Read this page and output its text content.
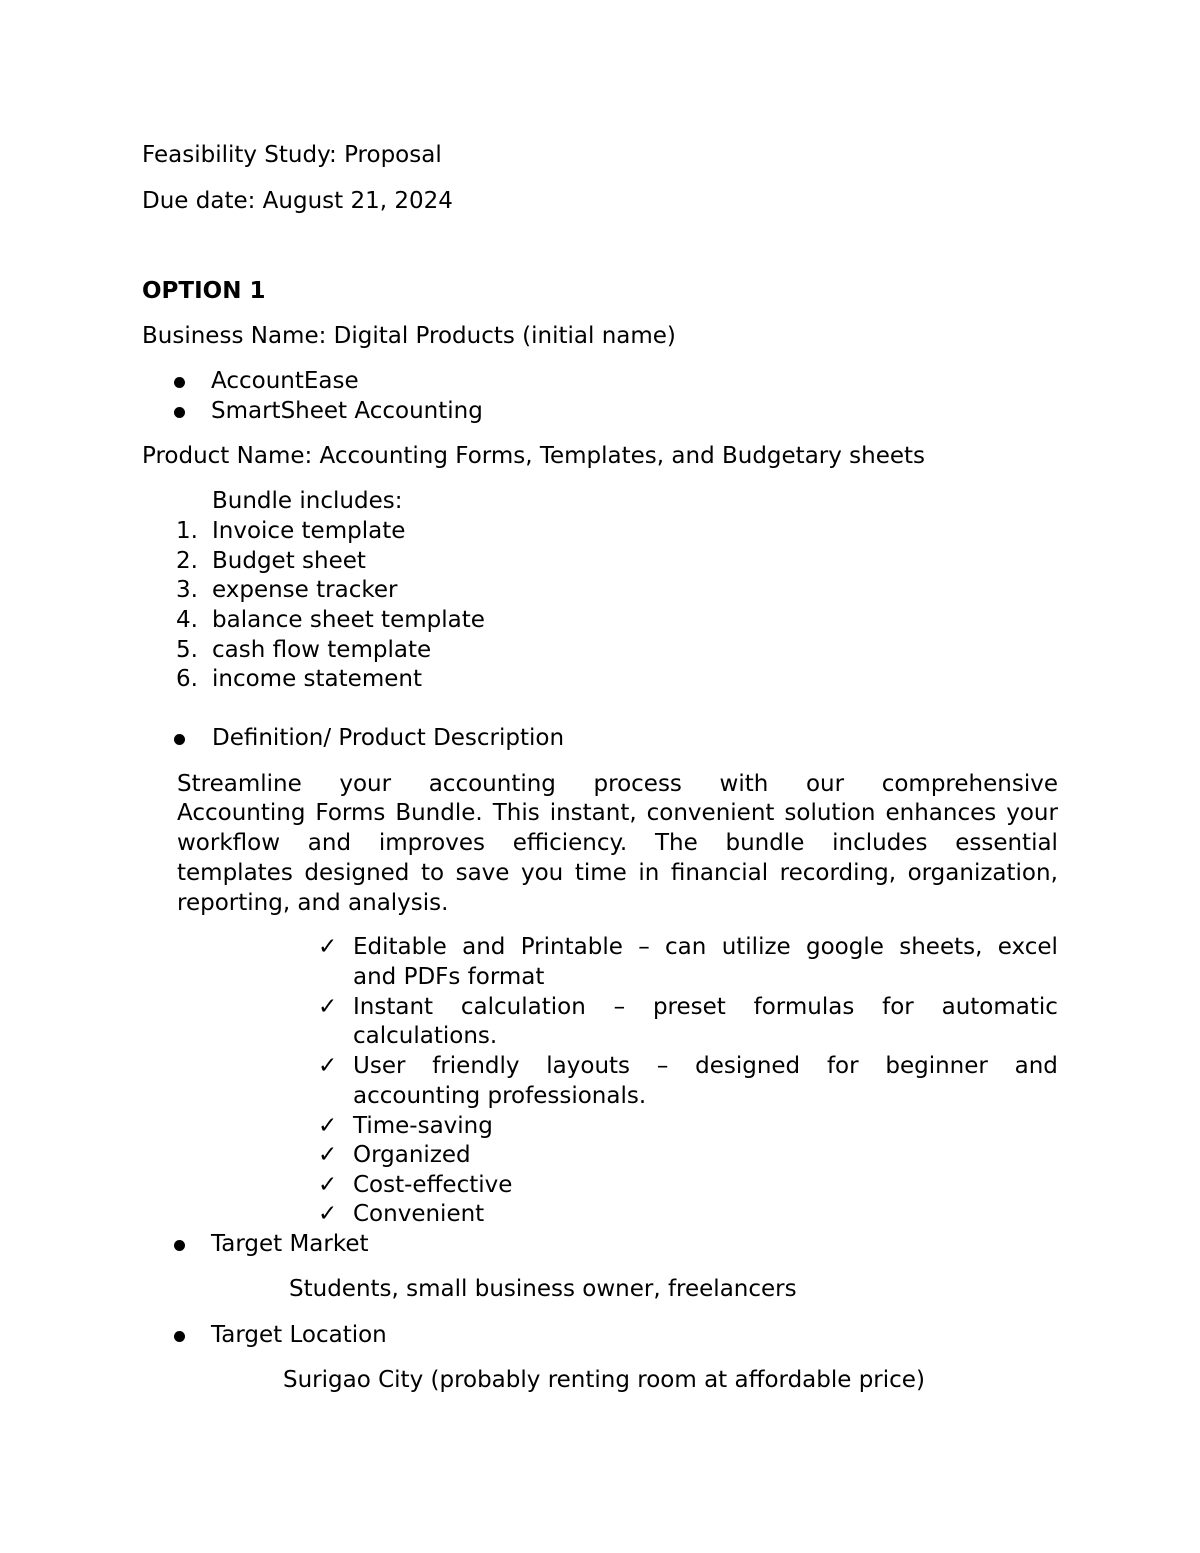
Feasibility Study: Proposal
Due date: August 21, 2024
OPTION 1
Business Name: Digital Products (initial name)
AccountEase
SmartSheet Accounting
Product Name: Accounting Forms, Templates, and Budgetary sheets
Bundle includes:
1. Invoice template
2. Budget sheet
3. expense tracker
4. balance sheet template
5. cash flow template
6. income statement
Definition/ Product Description
Streamline your accounting process with our comprehensive
Accounting Forms Bundle. This instant, convenient solution enhances your
workflow and improves efficiency. The bundle includes essential
templates designed to save you time in financial recording, organization,
reporting, and analysis.
✓ Editable and Printable – can utilize google sheets, excel
and PDFs format
✓ Instant calculation – preset formulas for automatic
calculations.
✓ User friendly layouts – designed for beginner and
accounting professionals.
✓ Time-saving
✓ Organized
✓ Cost-effective
✓ Convenient
Target Market
Students, small business owner, freelancers
Target Location
Surigao City (probably renting room at affordable price)
